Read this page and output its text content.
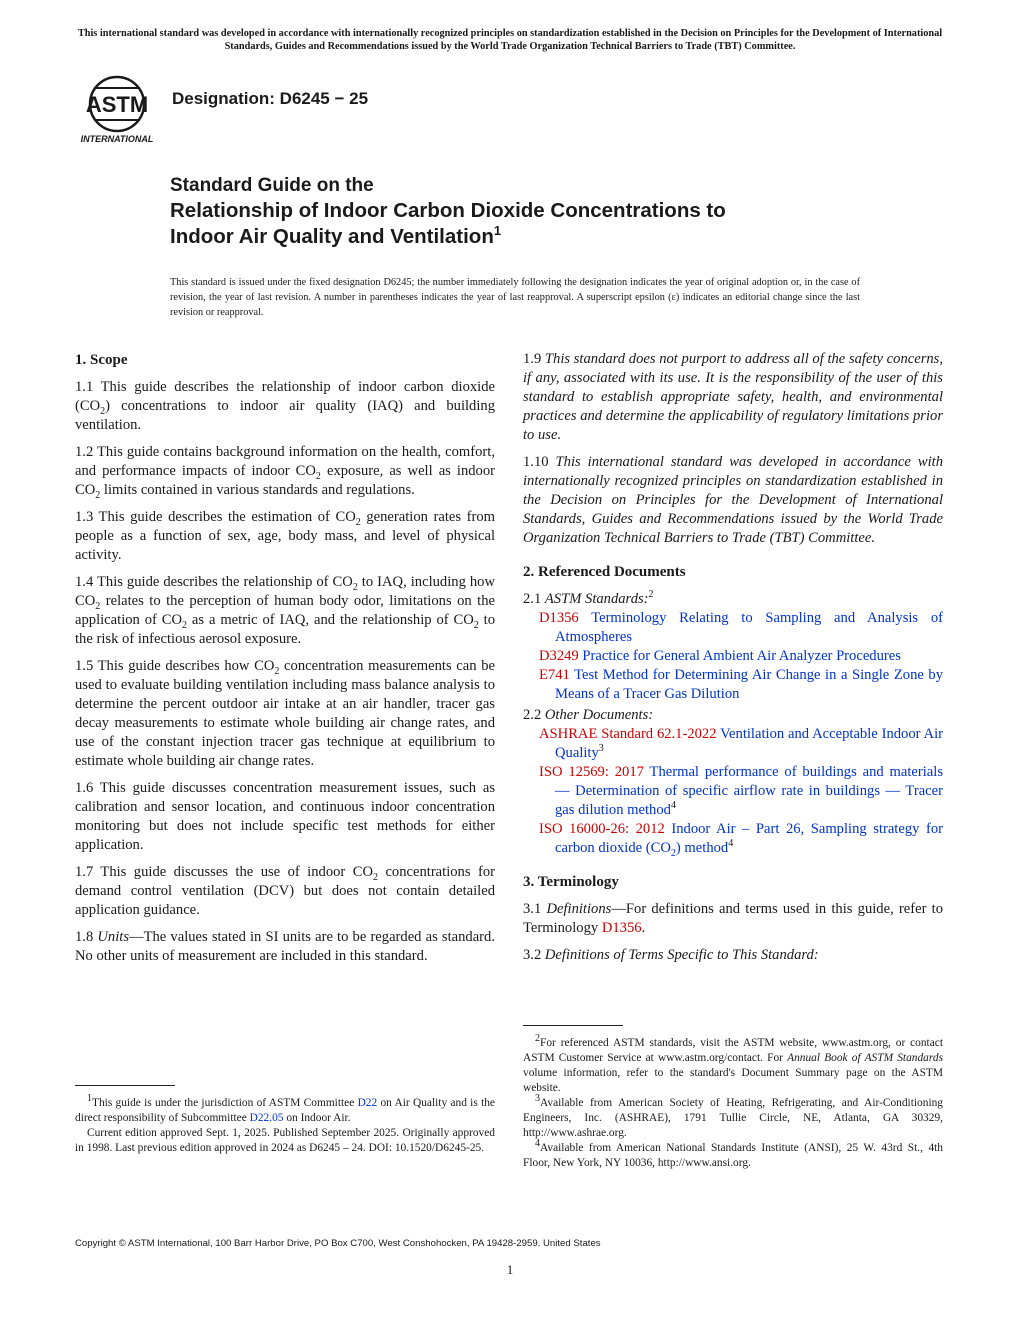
This international standard was developed in accordance with internationally recognized principles on standardization established in the Decision on Principles for the Development of International Standards, Guides and Recommendations issued by the World Trade Organization Technical Barriers to Trade (TBT) Committee.
ASTM
INTERNATIONAL
Designation: D6245 − 25
Standard Guide on the
Relationship of Indoor Carbon Dioxide Concentrations to
Indoor Air Quality and Ventilation$^1$
This standard is issued under the fixed designation D6245; the number immediately following the designation indicates the year of original adoption or, in the case of revision, the year of last revision. A number in parentheses indicates the year of last reapproval. A superscript epsilon (ε) indicates an editorial change since the last revision or reapproval.
1. Scope

1.1 This guide describes the relationship of indoor carbon dioxide $(CO_2)$ concentrations to indoor air quality (IAQ) and building ventilation.

1.2 This guide contains background information on the health, comfort, and performance impacts of indoor $CO_2$ exposure, as well as indoor $CO_2$ limits contained in various standards and regulations.

1.3 This guide describes the estimation of $CO_2$ generation rates from people as a function of sex, age, body mass, and level of physical activity.

1.4 This guide describes the relationship of $CO_2$ to IAQ, including how $CO_2$ relates to the perception of human body odor, limitations on the application of $CO_2$ as a metric of IAQ, and the relationship of $CO_2$ to the risk of infectious aerosol exposure.

1.5 This guide describes how $CO_2$ concentration measurements can be used to evaluate building ventilation including mass balance analysis to determine the percent outdoor air intake at an air handler, tracer gas decay measurements to estimate whole building air change rates, and use of the constant injection tracer gas technique at equilibrium to estimate whole building air change rates.

1.6 This guide discusses concentration measurement issues, such as calibration and sensor location, and continuous indoor concentration monitoring but does not include specific test methods for either application.

1.7 This guide discusses the use of indoor $CO_2$ concentrations for demand control ventilation (DCV) but does not contain detailed application guidance.

1.8 Units—The values stated in SI units are to be regarded as standard. No other units of measurement are included in this standard.

1.9 This standard does not purport to address all of the safety concerns, if any, associated with its use. It is the responsibility of the user of this standard to establish appropriate safety, health, and environmental practices and determine the applicability of regulatory limitations prior to use.

1.10 This international standard was developed in accordance with internationally recognized principles on standardization established in the Decision on Principles for the Development of International Standards, Guides and Recommendations issued by the World Trade Organization Technical Barriers to Trade (TBT) Committee.

2. Referenced Documents

2.1 ASTM Standards:$^2$

D1356 Terminology Relating to Sampling and Analysis of Atmospheres
D3249 Practice for General Ambient Air Analyzer Procedures
E741 Test Method for Determining Air Change in a Single Zone by Means of a Tracer Gas Dilution

2.2 Other Documents:

ASHRAE Standard 62.1-2022 Ventilation and Acceptable Indoor Air Quality$^3$
ISO 12569: 2017 Thermal performance of buildings and materials — Determination of specific airflow rate in buildings — Tracer gas dilution method$^4$
ISO 16000-26: 2012 Indoor Air – Part 26, Sampling strategy for carbon dioxide $(CO_2)$ method$^4$
3. Terminology

3.1 Definitions—For definitions and terms used in this guide, refer to Terminology D1356.

3.2 Definitions of Terms Specific to This Standard:

$^1$This guide is under the jurisdiction of ASTM Committee D22 on Air Quality and is the direct responsibility of Subcommittee D22.05 on Indoor Air.

Current edition approved Sept. 1, 2025. Published September 2025. Originally approved in 1998. Last previous edition approved in 2024 as D6245 – 24. DOI: 10.1520/D6245-25.

$^2$For referenced ASTM standards, visit the ASTM website, www.astm.org, or contact ASTM Customer Service at www.astm.org/contact. For Annual Book of ASTM Standards volume information, refer to the standard's Document Summary page on the ASTM website.

$^3$Available from American Society of Heating, Refrigerating, and Air-Conditioning Engineers, Inc. (ASHRAE), 1791 Tullie Circle, NE, Atlanta, GA 30329, http://www.ashrae.org.

$^4$Available from American National Standards Institute (ANSI), 25 W. 43rd St., 4th Floor, New York, NY 10036, http://www.ansi.org.

Copyright © ASTM International, 100 Barr Harbor Drive, PO Box C700, West Conshohocken, PA 19428-2959. United States
1
